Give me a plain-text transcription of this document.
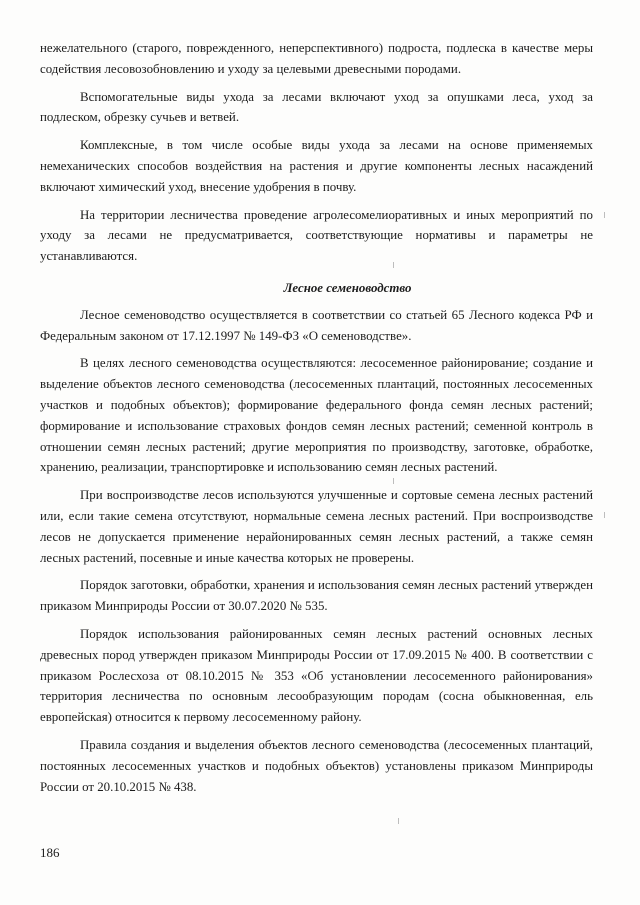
нежелательного (старого, поврежденного, неперспективного) подроста, подлеска в качестве меры содействия лесовозобновлению и уходу за целевыми древесными породами.

Вспомогательные виды ухода за лесами включают уход за опушками леса, уход за подлеском, обрезку сучьев и ветвей.

Комплексные, в том числе особые виды ухода за лесами на основе применяемых немеханических способов воздействия на растения и другие компоненты лесных насаждений включают химический уход, внесение удобрения в почву.

На территории лесничества проведение агролесомелиоративных и иных мероприятий по уходу за лесами не предусматривается, соответствующие нормативы и параметры не устанавливаются.

Лесное семеноводство

Лесное семеноводство осуществляется в соответствии со статьей 65 Лесного кодекса РФ и Федеральным законом от 17.12.1997 № 149-ФЗ «О семеноводстве».

В целях лесного семеноводства осуществляются: лесосеменное районирование; создание и выделение объектов лесного семеноводства (лесосеменных плантаций, постоянных лесосеменных участков и подобных объектов); формирование федерального фонда семян лесных растений; формирование и использование страховых фондов семян лесных растений; семенной контроль в отношении семян лесных растений; другие мероприятия по производству, заготовке, обработке, хранению, реализации, транспортировке и использованию семян лесных растений.

При воспроизводстве лесов используются улучшенные и сортовые семена лесных растений или, если такие семена отсутствуют, нормальные семена лесных растений. При воспроизводстве лесов не допускается применение нерайонированных семян лесных растений, а также семян лесных растений, посевные и иные качества которых не проверены.

Порядок заготовки, обработки, хранения и использования семян лесных растений утвержден приказом Минприроды России от 30.07.2020 № 535.

Порядок использования районированных семян лесных растений основных лесных древесных пород утвержден приказом Минприроды России от 17.09.2015 № 400. В соответствии с приказом Рослесхоза от 08.10.2015 № 353 «Об установлении лесосеменного районирования» территория лесничества по основным лесообразующим породам (сосна обыкновенная, ель европейская) относится к первому лесосеменному району.

Правила создания и выделения объектов лесного семеноводства (лесосеменных плантаций, постоянных лесосеменных участков и подобных объектов) установлены приказом Минприроды России от 20.10.2015 № 438.

186
